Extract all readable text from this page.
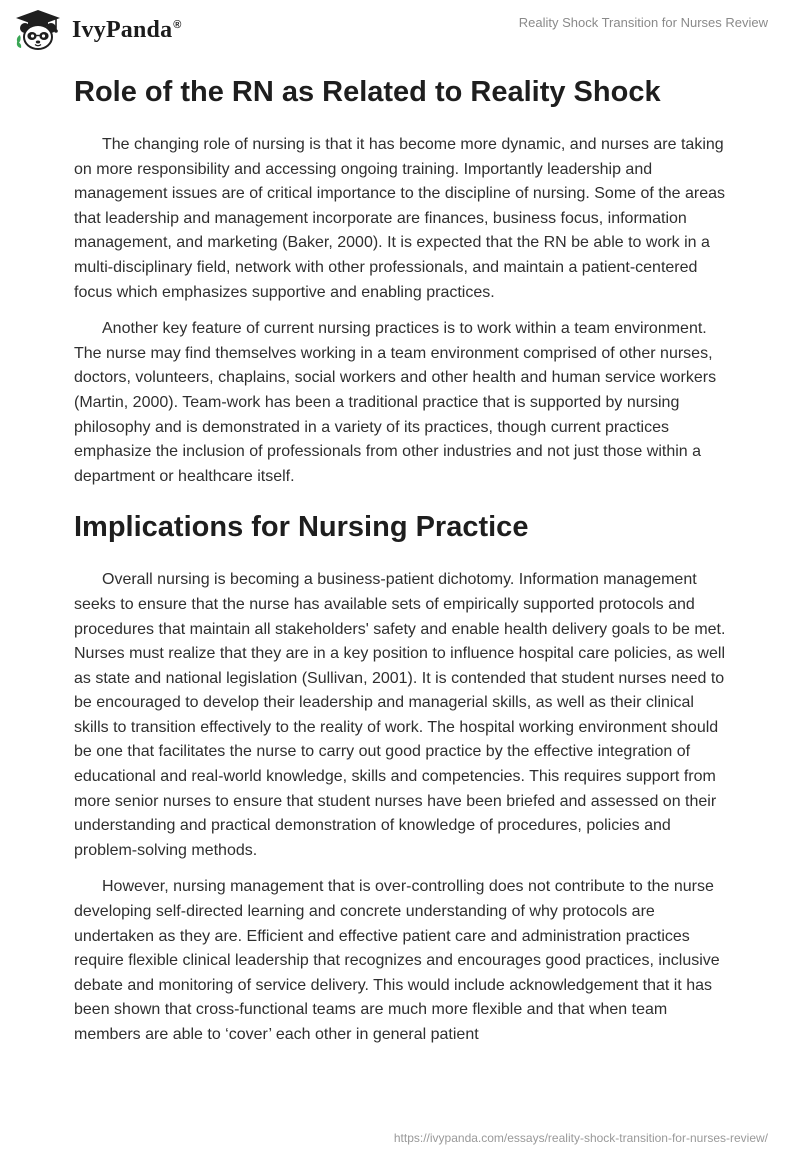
IvyPanda®	Reality Shock Transition for Nurses Review
Role of the RN as Related to Reality Shock

The changing role of nursing is that it has become more dynamic, and nurses are taking on more responsibility and accessing ongoing training. Importantly leadership and management issues are of critical importance to the discipline of nursing. Some of the areas that leadership and management incorporate are finances, business focus, information management, and marketing (Baker, 2000). It is expected that the RN be able to work in a multi-disciplinary field, network with other professionals, and maintain a patient-centered focus which emphasizes supportive and enabling practices.

Another key feature of current nursing practices is to work within a team environment. The nurse may find themselves working in a team environment comprised of other nurses, doctors, volunteers, chaplains, social workers and other health and human service workers (Martin, 2000). Team-work has been a traditional practice that is supported by nursing philosophy and is demonstrated in a variety of its practices, though current practices emphasize the inclusion of professionals from other industries and not just those within a department or healthcare itself.

Implications for Nursing Practice

Overall nursing is becoming a business-patient dichotomy. Information management seeks to ensure that the nurse has available sets of empirically supported protocols and procedures that maintain all stakeholders' safety and enable health delivery goals to be met. Nurses must realize that they are in a key position to influence hospital care policies, as well as state and national legislation (Sullivan, 2001). It is contended that student nurses need to be encouraged to develop their leadership and managerial skills, as well as their clinical skills to transition effectively to the reality of work. The hospital working environment should be one that facilitates the nurse to carry out good practice by the effective integration of educational and real-world knowledge, skills and competencies. This requires support from more senior nurses to ensure that student nurses have been briefed and assessed on their understanding and practical demonstration of knowledge of procedures, policies and problem-solving methods.

However, nursing management that is over-controlling does not contribute to the nurse developing self-directed learning and concrete understanding of why protocols are undertaken as they are. Efficient and effective patient care and administration practices require flexible clinical leadership that recognizes and encourages good practices, inclusive debate and monitoring of service delivery. This would include acknowledgement that it has been shown that cross-functional teams are much more flexible and that when team members are able to ‘cover’ each other in general patient

https://ivypanda.com/essays/reality-shock-transition-for-nurses-review/
